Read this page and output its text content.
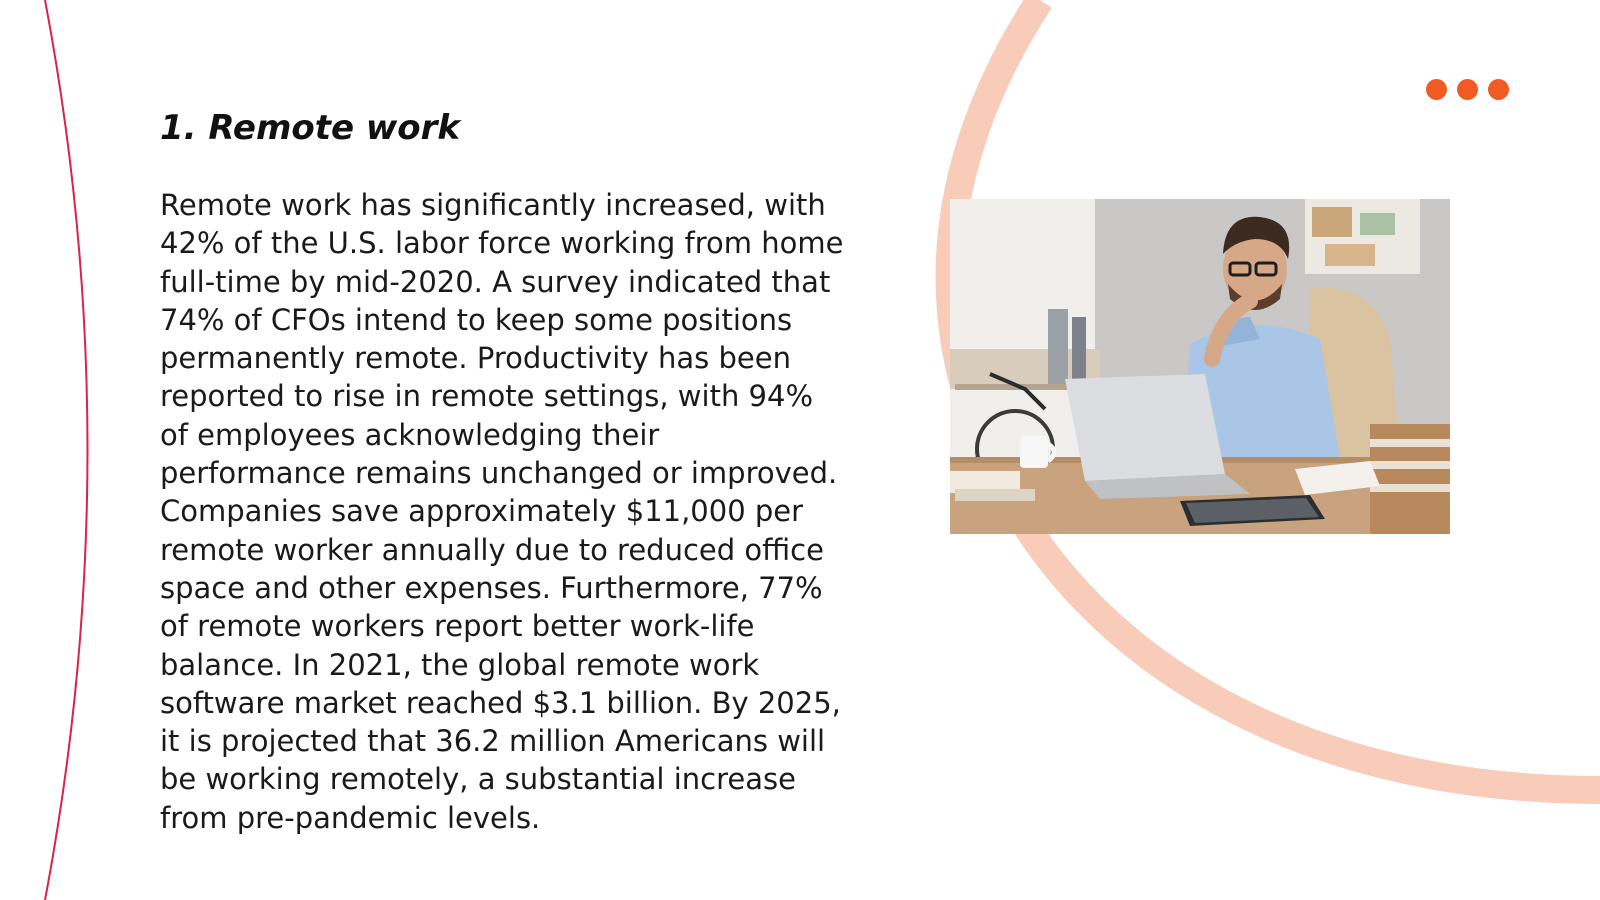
1. Remote work

Remote work has significantly increased, with 42% of the U.S. labor force working from home full-time by mid-2020. A survey indicated that 74% of CFOs intend to keep some positions permanently remote. Productivity has been reported to rise in remote settings, with 94% of employees acknowledging their performance remains unchanged or improved. Companies save approximately $11,000 per remote worker annually due to reduced office space and other expenses. Furthermore, 77% of remote workers report better work-life balance. In 2021, the global remote work software market reached $3.1 billion. By 2025, it is projected that 36.2 million Americans will be working remotely, a substantial increase from pre-pandemic levels.
